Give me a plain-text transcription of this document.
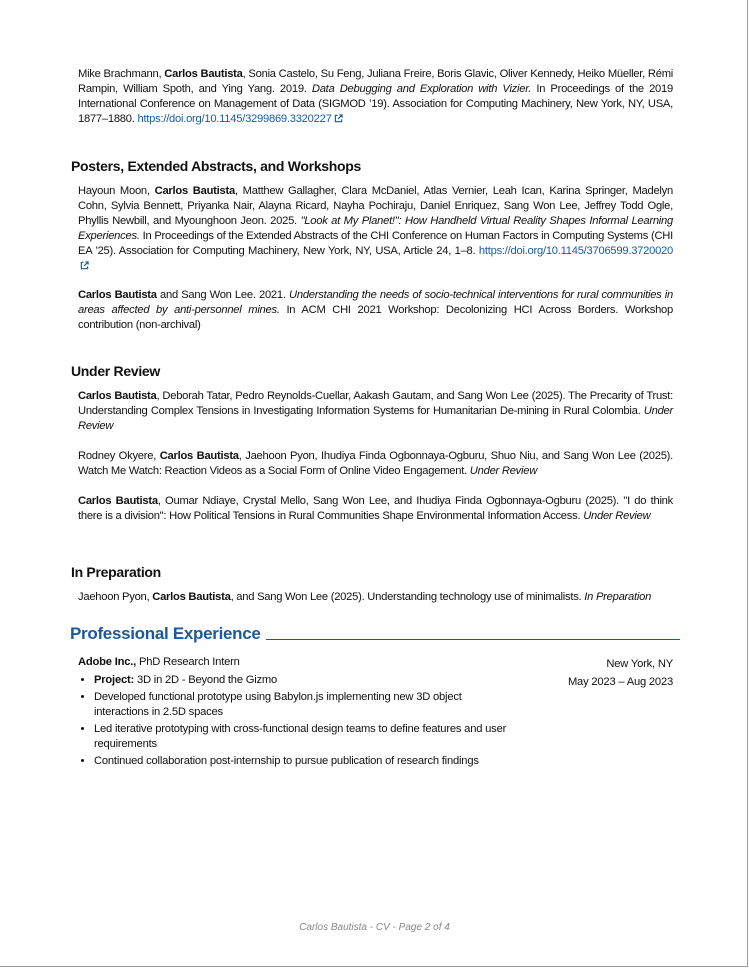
Mike Brachmann, Carlos Bautista, Sonia Castelo, Su Feng, Juliana Freire, Boris Glavic, Oliver Kennedy, Heiko Müeller, Rémi Rampin, William Spoth, and Ying Yang. 2019. Data Debugging and Exploration with Vizier. In Proceedings of the 2019 International Conference on Management of Data (SIGMOD ’19). Association for Computing Machinery, New York, NY, USA, 1877–1880. https://doi.org/10.1145/3299869.3320227
Posters, Extended Abstracts, and Workshops
Hayoun Moon, Carlos Bautista, Matthew Gallagher, Clara McDaniel, Atlas Vernier, Leah Ican, Karina Springer, Madelyn Cohn, Sylvia Bennett, Priyanka Nair, Alayna Ricard, Nayha Pochiraju, Daniel Enriquez, Sang Won Lee, Jeffrey Todd Ogle, Phyllis Newbill, and Myounghoon Jeon. 2025. "Look at My Planet!": How Handheld Virtual Reality Shapes Informal Learning Experiences. In Proceedings of the Extended Abstracts of the CHI Conference on Human Factors in Computing Systems (CHI EA ’25). Association for Computing Machinery, New York, NY, USA, Article 24, 1–8. https://doi.org/10.1145/3706599.3720020
Carlos Bautista and Sang Won Lee. 2021. Understanding the needs of socio-technical interventions for rural communities in areas affected by anti-personnel mines. In ACM CHI 2021 Workshop: Decolonizing HCI Across Borders. Workshop contribution (non-archival)
Under Review
Carlos Bautista, Deborah Tatar, Pedro Reynolds-Cuellar, Aakash Gautam, and Sang Won Lee (2025). The Precarity of Trust: Understanding Complex Tensions in Investigating Information Systems for Humanitarian De-mining in Rural Colombia. Under Review
Rodney Okyere, Carlos Bautista, Jaehoon Pyon, Ihudiya Finda Ogbonnaya-Ogburu, Shuo Niu, and Sang Won Lee (2025). Watch Me Watch: Reaction Videos as a Social Form of Online Video Engagement. Under Review
Carlos Bautista, Oumar Ndiaye, Crystal Mello, Sang Won Lee, and Ihudiya Finda Ogbonnaya-Ogburu (2025). "I do think there is a division": How Political Tensions in Rural Communities Shape Environmental Information Access. Under Review
In Preparation
Jaehoon Pyon, Carlos Bautista, and Sang Won Lee (2025). Understanding technology use of minimalists. In Preparation
Professional Experience
New York, NY
May 2023 – Aug 2023
Adobe Inc., PhD Research Intern
• Project: 3D in 2D - Beyond the Gizmo
• Developed functional prototype using Babylon.js implementing new 3D object interactions in 2.5D spaces
• Led iterative prototyping with cross-functional design teams to define features and user requirements
• Continued collaboration post-internship to pursue publication of research findings
Carlos Bautista - CV - Page 2 of 4
